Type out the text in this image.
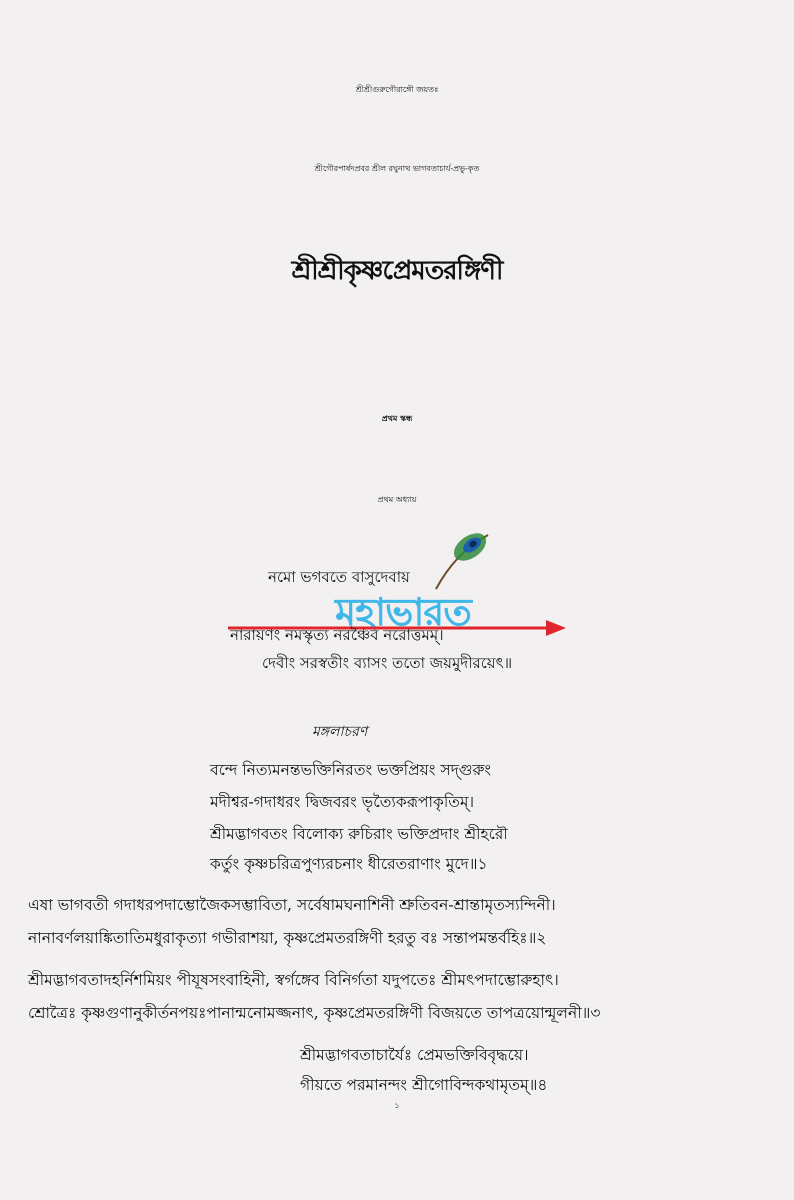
শ্রীশ্রীগুরুগৌরাঙ্গৌ জয়তঃ
শ্রীগৌরপার্ষদপ্রবর শ্রীল রঘুনাথ ভাগবতাচার্য-প্রভু-কৃত
শ্রীশ্রীকৃষ্ণপ্রেমতরঙ্গিণী
প্রথম স্কন্ধ
প্রথম অধ্যায়
মহাভারত
নমো ভগবতে বাসুদেবায়
নারায়ণং নমস্কৃত্য নরঞ্চৈব নরোত্তমম্।
দেবীং সরস্বতীং ব্যাসং ততো জয়মুদীরয়েৎ॥
মঙ্গলাচরণ
বন্দে নিত্যমনন্তভক্তিনিরতং ভক্তপ্রিয়ং সদ্গুরুং
মদীশ্বর-গদাধরং দ্বিজবরং ভৃত্যৈকরূপাকৃতিম্।
শ্রীমদ্ভাগবতং বিলোক্য রুচিরাং ভক্তিপ্রদাং শ্রীহরৌ
কর্তুং কৃষ্ণচরিত্রপুণ্যরচনাং ধীরেতরাণাং মুদে॥১
এষা ভাগবতী গদাধরপদাম্ভোজৈকসম্ভাবিতা, সর্বেষামঘনাশিনী শ্রুতিবন-শ্রান্তামৃতস্যন্দিনী।
নানাবর্ণলয়াঙ্কিতাতিমধুরাকৃত্যা গভীরাশয়া, কৃষ্ণপ্রেমতরঙ্গিণী হরতু বঃ সন্তাপমন্তর্বহিঃ॥২
শ্রীমদ্ভাগবতাদহর্নিশমিয়ং পীযূষসংবাহিনী, স্বর্গঙ্গেব বিনির্গতা যদুপতেঃ শ্রীমৎপদাম্ভোরুহাৎ।
শ্রোত্রৈঃ কৃষ্ণগুণানুকীর্তনপয়ঃপানান্মনোমজ্জনাৎ, কৃষ্ণপ্রেমতরঙ্গিণী বিজয়তে তাপত্রয়োন্মূলনী॥৩
শ্রীমদ্ভাগবতাচার্যৈঃ প্রেমভক্তিবিবৃদ্ধয়ে।
গীয়তে পরমানন্দং শ্রীগোবিন্দকথামৃতম্॥৪
১
